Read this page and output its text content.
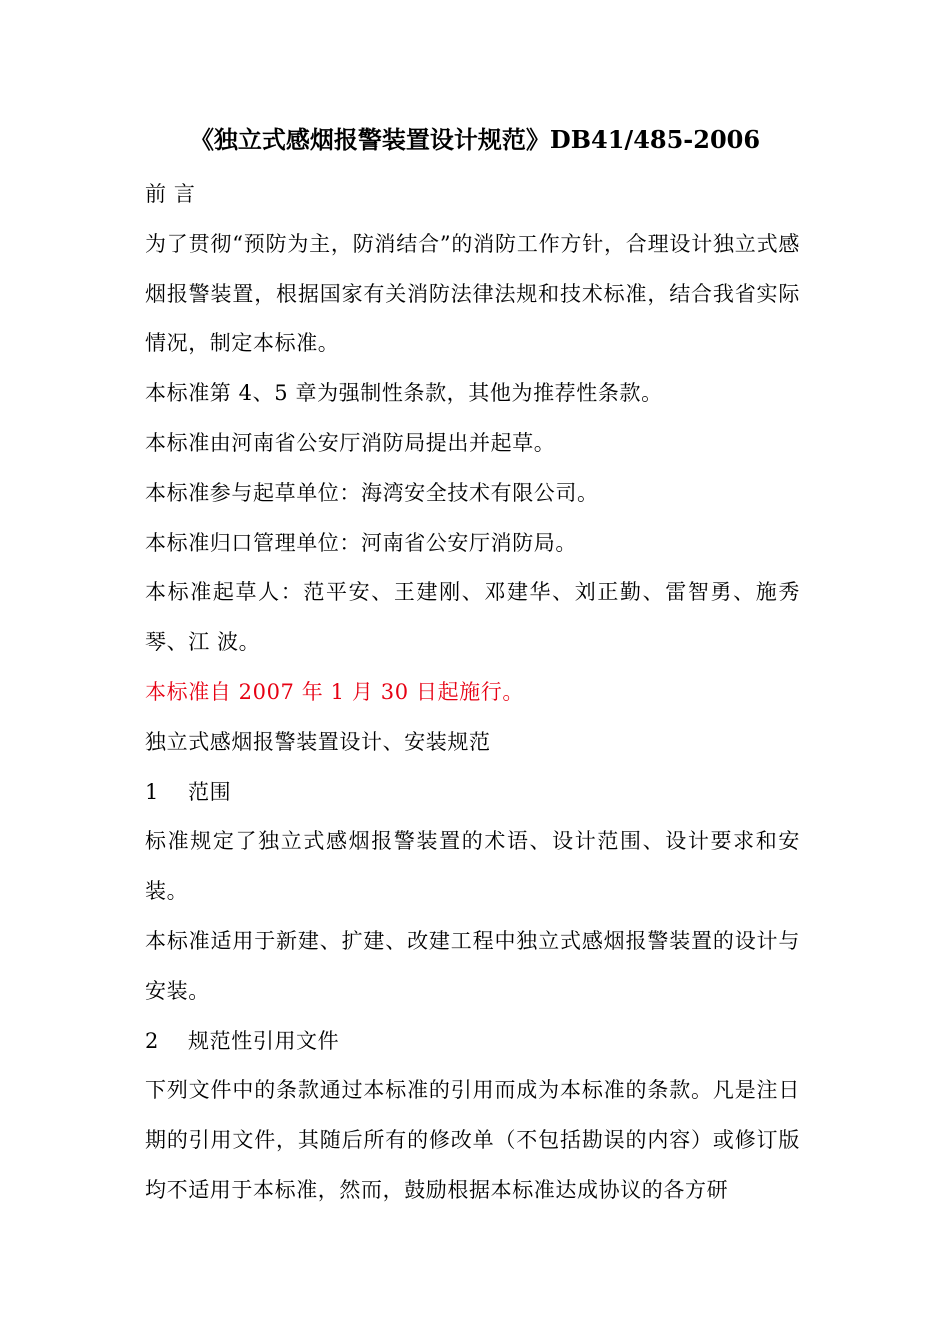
《独立式感烟报警装置设计规范》DB41/485-2006

前 言

为了贯彻“预防为主，防消结合”的消防工作方针，合理设计独立式感烟报警装置，根据国家有关消防法律法规和技术标准，结合我省实际情况，制定本标准。

本标准第 4、5 章为强制性条款，其他为推荐性条款。

本标准由河南省公安厅消防局提出并起草。

本标准参与起草单位：海湾安全技术有限公司。

本标准归口管理单位：河南省公安厅消防局。

本标准起草人：范平安、王建刚、邓建华、刘正勤、雷智勇、施秀琴、江 波。

本标准自 2007 年 1 月 30 日起施行。

独立式感烟报警装置设计、安装规范

1    范围

标准规定了独立式感烟报警装置的术语、设计范围、设计要求和安装。

本标准适用于新建、扩建、改建工程中独立式感烟报警装置的设计与安装。

2    规范性引用文件

下列文件中的条款通过本标准的引用而成为本标准的条款。凡是注日期的引用文件，其随后所有的修改单（不包括勘误的内容）或修订版均不适用于本标准，然而，鼓励根据本标准达成协议的各方研
